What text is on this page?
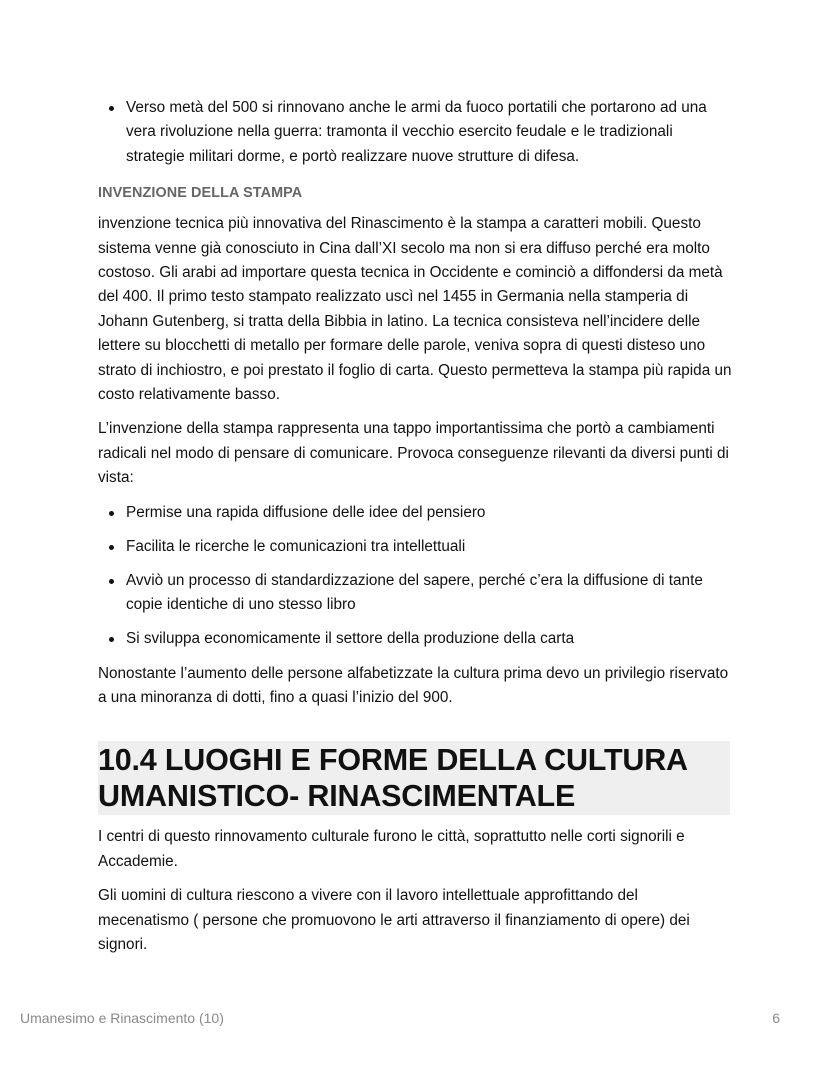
Verso metà del 500 si rinnovano anche le armi da fuoco portatili che portarono ad una vera rivoluzione nella guerra: tramonta il vecchio esercito feudale e le tradizionali strategie militari dorme, e portò realizzare nuove strutture di difesa.
INVENZIONE DELLA STAMPA

invenzione tecnica più innovativa del Rinascimento è la stampa a caratteri mobili. Questo sistema venne già conosciuto in Cina dall’XI secolo ma non si era diffuso perché era molto costoso. Gli arabi ad importare questa tecnica in Occidente e cominciò a diffondersi da metà del 400. Il primo testo stampato realizzato uscì nel 1455 in Germania nella stamperia di Johann Gutenberg, si tratta della Bibbia in latino. La tecnica consisteva nell’incidere delle lettere su blocchetti di metallo per formare delle parole, veniva sopra di questi disteso uno strato di inchiostro, e poi prestato il foglio di carta. Questo permetteva la stampa più rapida un costo relativamente basso.

L’invenzione della stampa rappresenta una tappo importantissima che portò a cambiamenti radicali nel modo di pensare di comunicare. Provoca conseguenze rilevanti da diversi punti di vista:

Permise una rapida diffusione delle idee del pensiero
Facilita le ricerche le comunicazioni tra intellettuali
Avviò un processo di standardizzazione del sapere, perché c’era la diffusione di tante copie identiche di uno stesso libro
Si sviluppa economicamente il settore della produzione della carta

Nonostante l’aumento delle persone alfabetizzate la cultura prima devo un privilegio riservato a una minoranza di dotti, fino a quasi l’inizio del 900.

10.4 LUOGHI E FORME DELLA CULTURA
UMANISTICO- RINASCIMENTALE

I centri di questo rinnovamento culturale furono le città, soprattutto nelle corti signorili e Accademie.

Gli uomini di cultura riescono a vivere con il lavoro intellettuale approfittando del mecenatismo ( persone che promuovono le arti attraverso il finanziamento di opere) dei signori.

Umanesimo e Rinascimento (10)	6
